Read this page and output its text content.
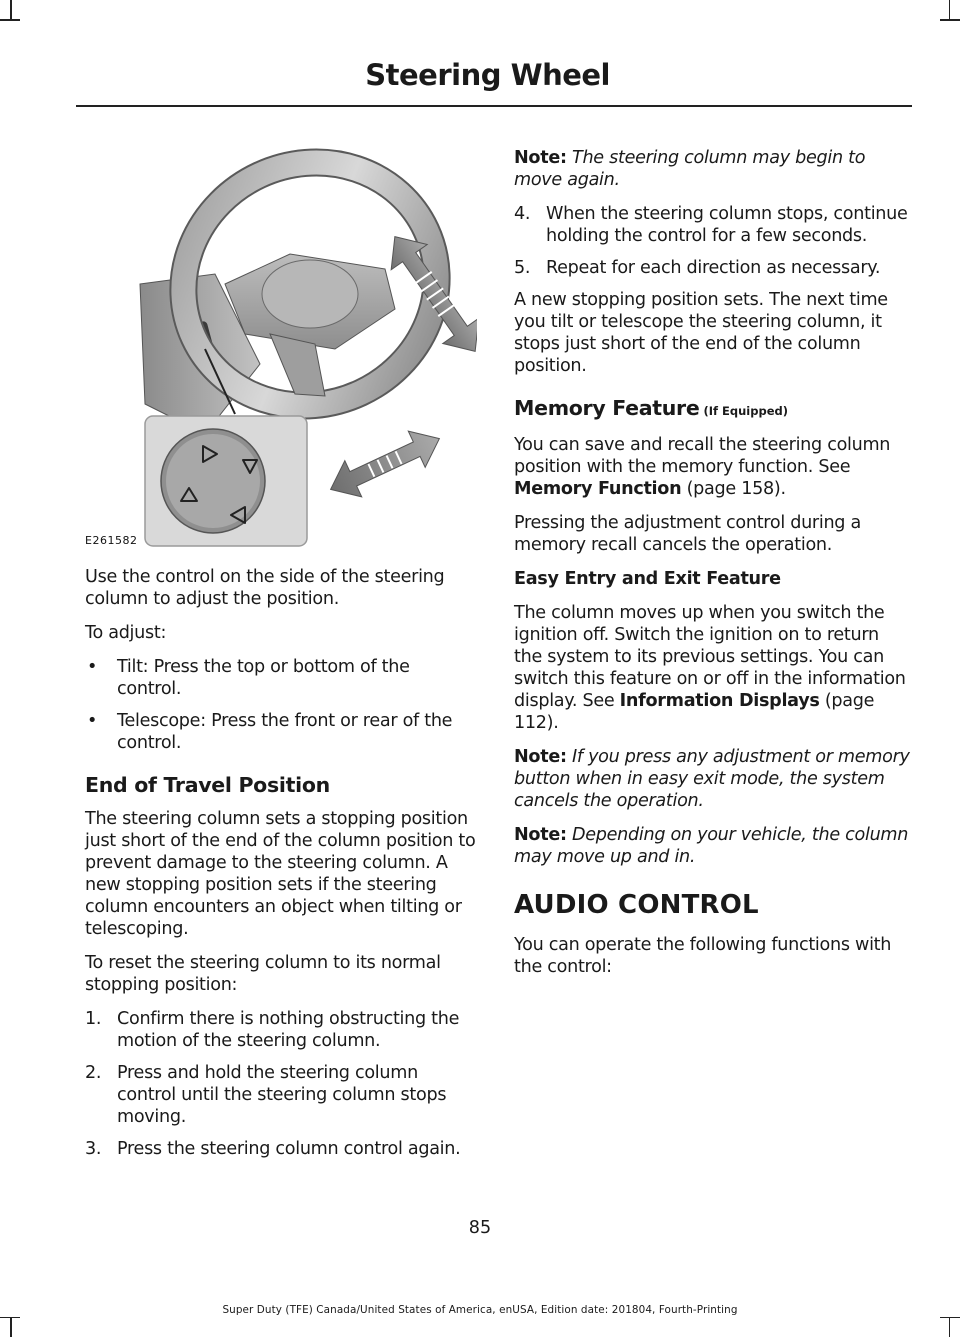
Steering Wheel
E261582

Use the control on the side of the steering column to adjust the position.

To adjust:

• Tilt: Press the top or bottom of the control.
• Telescope: Press the front or rear of the control.
End of Travel Position

The steering column sets a stopping position just short of the end of the column position to prevent damage to the steering column. A new stopping position sets if the steering column encounters an object when tilting or telescoping.

To reset the steering column to its normal stopping position:

1. Confirm there is nothing obstructing the motion of the steering column.
2. Press and hold the steering column control until the steering column stops moving.
3. Press the steering column control again.

Note: The steering column may begin to move again.

4. When the steering column stops, continue holding the control for a few seconds.
5. Repeat for each direction as necessary.

A new stopping position sets. The next time you tilt or telescope the steering column, it stops just short of the end of the column position.

Memory Feature (If Equipped)

You can save and recall the steering column position with the memory function. See Memory Function (page 158).

Pressing the adjustment control during a memory recall cancels the operation.

Easy Entry and Exit Feature

The column moves up when you switch the ignition off. Switch the ignition on to return the system to its previous settings. You can switch this feature on or off in the information display. See Information Displays (page 112).

Note: If you press any adjustment or memory button when in easy exit mode, the system cancels the operation.

Note: Depending on your vehicle, the column may move up and in.

AUDIO CONTROL

You can operate the following functions with the control:

85
Super Duty (TFE) Canada/United States of America, enUSA, Edition date: 201804, Fourth-Printing
